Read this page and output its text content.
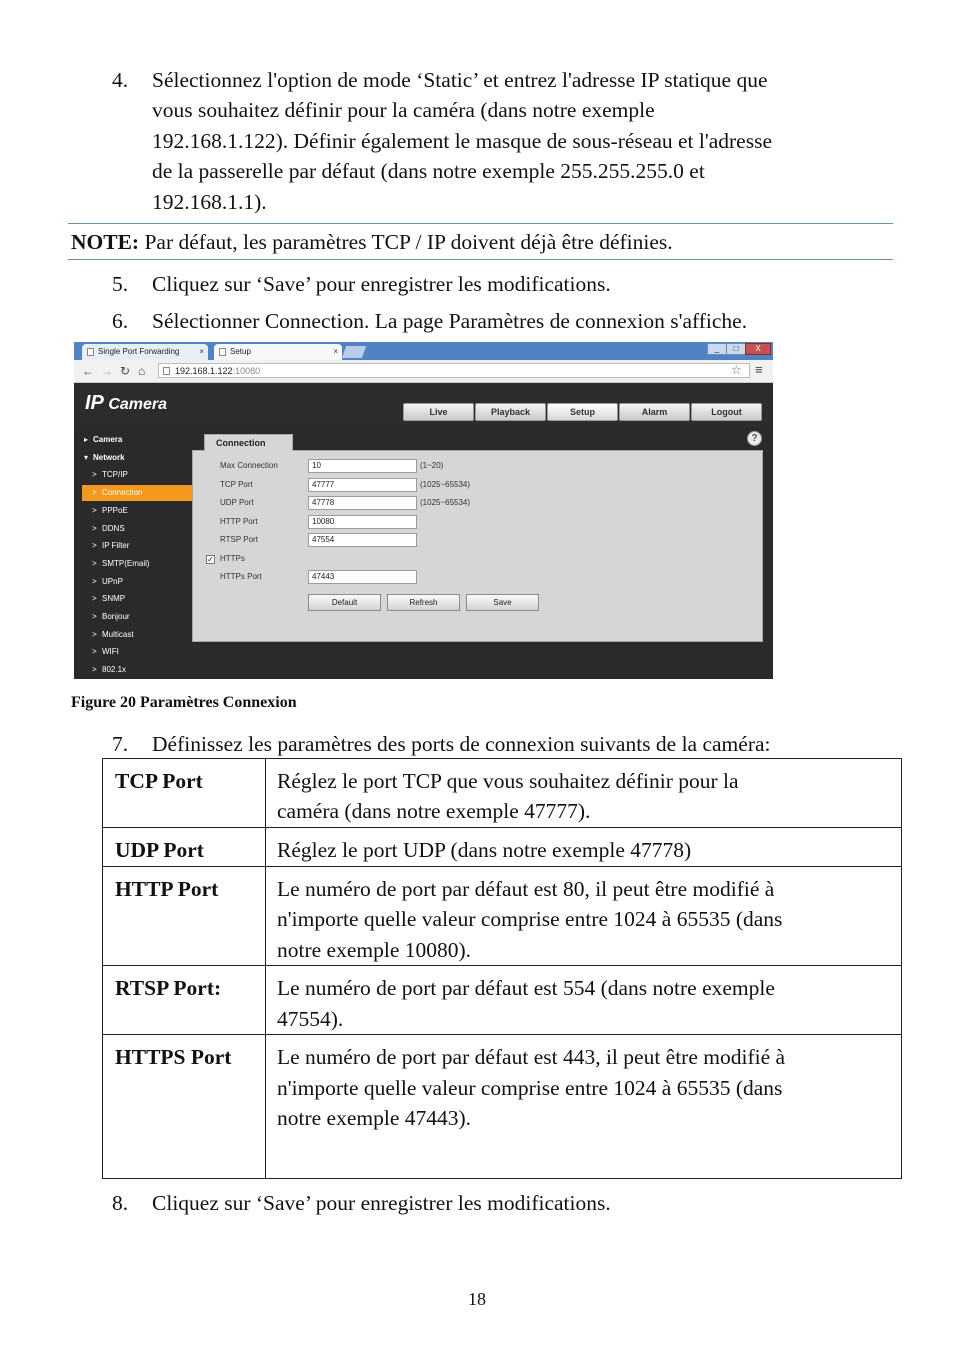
4. Sélectionnez l'option de mode ‘Static’ et entrez l'adresse IP statique que
vous souhaitez définir pour la caméra (dans notre exemple
192.168.1.122). Définir également le masque de sous-réseau et l'adresse
de la passerelle par défaut (dans notre exemple 255.255.255.0 et
192.168.1.1).
NOTE: Par défaut, les paramètres TCP / IP doivent déjà être définies.
5. Cliquez sur ‘Save’ pour enregistrer les modifications.
6. Sélectionner Connection. La page Paramètres de connexion s'affiche.
Single Port Forwarding ×	Setup	×	_	□	X
← → ↻ ⌂	192.168.1.122:10080	☆ ≡
IP Camera	Live	Playback	Setup	Alarm	Logout
▸ Camera
▾ Network
> TCP/IP
> Connection
> PPPoE
> DDNS
> IP Filter
> SMTP(Email)
> UPnP
> SNMP
> Bonjour
> Multicast
> WIFI
> 802.1x
Connection	?
Max Connection	10	(1~20)
TCP Port	47777	(1025~65534)
UDP Port	47778	(1025~65534)
HTTP Port	10080
RTSP Port	47554
✓ HTTPs
HTTPs Port	47443
Default	Refresh	Save
Figure 20 Paramètres Connexion
7. Définissez les paramètres des ports de connexion suivants de la caméra:
TCP Port	Réglez le port TCP que vous souhaitez définir pour la
caméra (dans notre exemple 47777).

UDP Port	Réglez le port UDP (dans notre exemple 47778)

HTTP Port	Le numéro de port par défaut est 80, il peut être modifié à
n'importe quelle valeur comprise entre 1024 à 65535 (dans
notre exemple 10080).

RTSP Port:	Le numéro de port par défaut est 554 (dans notre exemple
47554).

HTTPS Port	Le numéro de port par défaut est 443, il peut être modifié à
n'importe quelle valeur comprise entre 1024 à 65535 (dans
notre exemple 47443).
8. Cliquez sur ‘Save’ pour enregistrer les modifications.
18
